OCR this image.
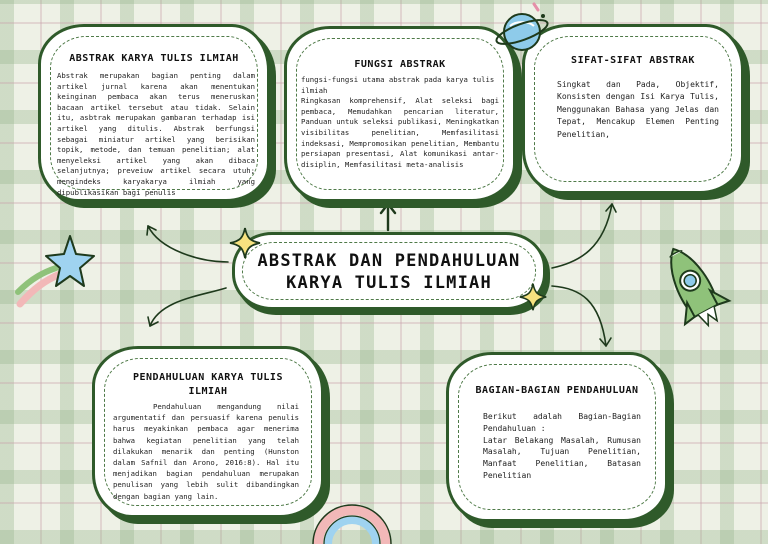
ABSTRAK DAN PENDAHULUAN
KARYA TULIS ILMIAH
ABSTRAK KARYA TULIS ILMIAH
Abstrak merupakan bagian penting dalam artikel jurnal karena akan menentukan keinginan pembaca akan terus meneruskan bacaan artikel tersebut atau tidak. Selain itu, asbtrak merupakan gambaran terhadap isi artikel yang ditulis. Abstrak berfungsi sebagai miniatur artikel yang berisikan topik, metode, dan temuan penelitian; alat menyeleksi artikel yang akan dibaca selanjutnya; preveiuw artikel secara utuh; mengindeks karyakarya ilmiah yang dipublikasikan bagi penulis
FUNGSI ABSTRAK
fungsi-fungsi utama abstrak pada karya tulis ilmiah
Ringkasan komprehensif, Alat seleksi bagi pembaca, Memudahkan pencarian literatur, Panduan untuk seleksi publikasi, Meningkatkan visibilitas penelitian, Memfasilitasi indeksasi, Mempromosikan penelitian, Membantu persiapan presentasi, Alat komunikasi antar-disiplin, Memfasilitasi meta-analisis
SIFAT-SIFAT ABSTRAK
Singkat dan Pada, Objektif, Konsisten dengan Isi Karya Tulis, Menggunakan Bahasa yang Jelas dan Tepat, Mencakup Elemen Penting Penelitian,
PENDAHULUAN KARYA TULIS ILMIAH
Pendahuluan mengandung nilai argumentatif dan persuasif karena penulis harus meyakinkan pembaca agar menerima bahwa kegiatan penelitian yang telah dilakukan menarik dan penting (Hunston dalam Safnil dan Arono, 2016:8). Hal itu menjadikan bagian pendahuluan merupakan penulisan yang lebih sulit dibandingkan dengan bagian yang lain.
BAGIAN-BAGIAN PENDAHULUAN
Berikut adalah Bagian-Bagian Pendahuluan :
Latar Belakang Masalah, Rumusan Masalah, Tujuan Penelitian, Manfaat Penelitian, Batasan Penelitian
